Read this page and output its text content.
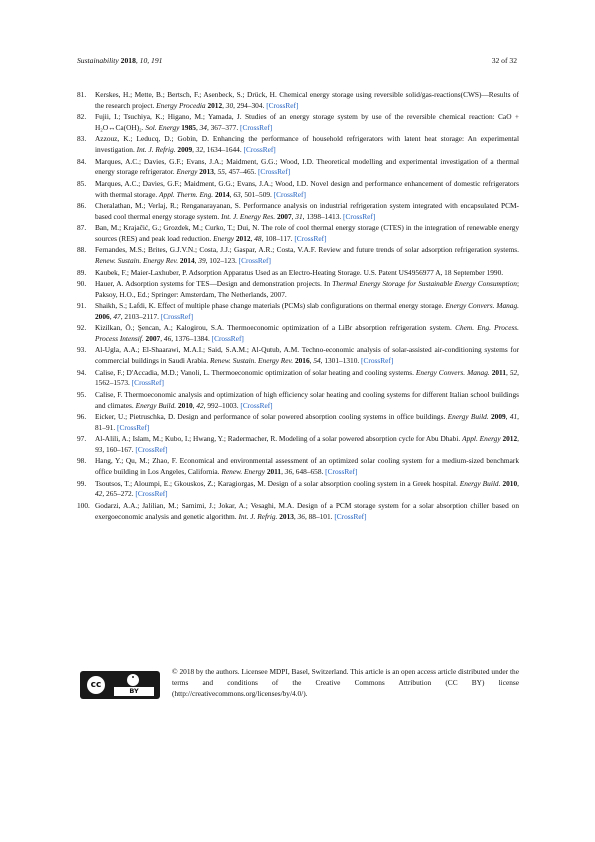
Sustainability 2018, 10, 191	32 of 32
81 .	Kerskes, H.; Mette, B.; Bertsch, F.; Asenbeck, S.; Drück, H. Chemical energy storage using reversible solid/gas-reactions(CWS)—Results of the research project. Energy Procedia 2012, 30, 294–304. [CrossRef]
82 .	Fujii, I.; Tsuchiya, K.; Higano, M.; Yamada, J. Studies of an energy storage system by use of the reversible chemical reaction: CaO + H₂O↔Ca(OH)₂. Sol. Energy 1985, 34, 367–377. [CrossRef]
83 .	Azzouz, K.; Leducq, D.; Gobin, D. Enhancing the performance of household refrigerators with latent heat storage: An experimental investigation. Int. J. Refrig. 2009, 32, 1634–1644. [CrossRef]
84 .	Marques, A.C.; Davies, G.F.; Evans, J.A.; Maidment, G.G.; Wood, I.D. Theoretical modelling and experimental investigation of a thermal energy storage refrigerator. Energy 2013, 55, 457–465. [CrossRef]
85 .	Marques, A.C.; Davies, G.F.; Maidment, G.G.; Evans, J.A.; Wood, I.D. Novel design and performance enhancement of domestic refrigerators with thermal storage. Appl. Therm. Eng. 2014, 63, 501–509. [CrossRef]
86 .	Cheralathan, M.; Verlaj, R.; Renganarayanan, S. Performance analysis on industrial refrigeration system integrated with encapsulated PCM-based cool thermal energy storage system. Int. J. Energy Res. 2007, 31, 1398–1413. [CrossRef]
87 .	Ban, M.; Krajačić, G.; Grozdek, M.; Curko, T.; Dui, N. The role of cool thermal energy storage (CTES) in the integration of renewable energy sources (RES) and peak load reduction. Energy 2012, 48, 108–117. [CrossRef]
88 .	Fernandes, M.S.; Brites, G.J.V.N.; Costa, J.J.; Gaspar, A.R.; Costa, V.A.F. Review and future trends of solar adsorption refrigeration systems. Renew. Sustain. Energy Rev. 2014, 39, 102–123. [CrossRef]
89 .	Kaubek, F.; Maier-Laxhuber, P. Adsorption Apparatus Used as an Electro-Heating Storage. U.S. Patent US4956977 A, 18 September 1990.
90 .	Hauer, A. Adsorption systems for TES—Design and demonstration projects. In Thermal Energy Storage for Sustainable Energy Consumption; Paksoy, H.O., Ed.; Springer: Amsterdam, The Netherlands, 2007.
91 .	Shaikh, S.; Lafdi, K. Effect of multiple phase change materials (PCMs) slab configurations on thermal energy storage. Energy Convers. Manag. 2006, 47, 2103–2117. [CrossRef]
92 .	Kizilkan, Ö.; Şencan, A.; Kalogirou, S.A. Thermoeconomic optimization of a LiBr absorption refrigeration system. Chem. Eng. Process. Process Intensif. 2007, 46, 1376–1384. [CrossRef]
93 .	Al-Ugla, A.A.; El-Shaarawi, M.A.I.; Said, S.A.M.; Al-Qutub, A.M. Techno-economic analysis of solar-assisted air-conditioning systems for commercial buildings in Saudi Arabia. Renew. Sustain. Energy Rev. 2016, 54, 1301–1310. [CrossRef]
94 .	Calise, F.; D'Accadia, M.D.; Vanoli, L. Thermoeconomic optimization of solar heating and cooling systems. Energy Convers. Manag. 2011, 52, 1562–1573. [CrossRef]
95 .	Calise, F. Thermoeconomic analysis and optimization of high efficiency solar heating and cooling systems for different Italian school buildings and climates. Energy Build. 2010, 42, 992–1003. [CrossRef]
96 .	Eicker, U.; Pietruschka, D. Design and performance of solar powered absorption cooling systems in office buildings. Energy Build. 2009, 41, 81–91. [CrossRef]
97 .	Al-Alili, A.; Islam, M.; Kubo, I.; Hwang, Y.; Radermacher, R. Modeling of a solar powered absorption cycle for Abu Dhabi. Appl. Energy 2012, 93, 160–167. [CrossRef]
98 .	Hang, Y.; Qu, M.; Zhao, F. Economical and environmental assessment of an optimized solar cooling system for a medium-sized benchmark office building in Los Angeles, California. Renew. Energy 2011, 36, 648–658. [CrossRef]
99 .	Tsoutsos, T.; Aloumpi, E.; Gkouskos, Z.; Karagiorgas, M. Design of a solar absorption cooling system in a Greek hospital. Energy Build. 2010, 42, 265–272. [CrossRef]
100 . Godarzi, A.A.; Jalilian, M.; Samimi, J.; Jokar, A.; Vesaghi, M.A. Design of a PCM storage system for a solar absorption chiller based on exergoeconomic analysis and genetic algorithm. Int. J. Refrig. 2013, 36, 88–101. [CrossRef]
cc
BY
© 2018 by the authors. Licensee MDPI, Basel, Switzerland. This article is an open access article distributed under the terms and conditions of the Creative Commons Attribution (CC BY) license (http://creativecommons.org/licenses/by/4.0/).
